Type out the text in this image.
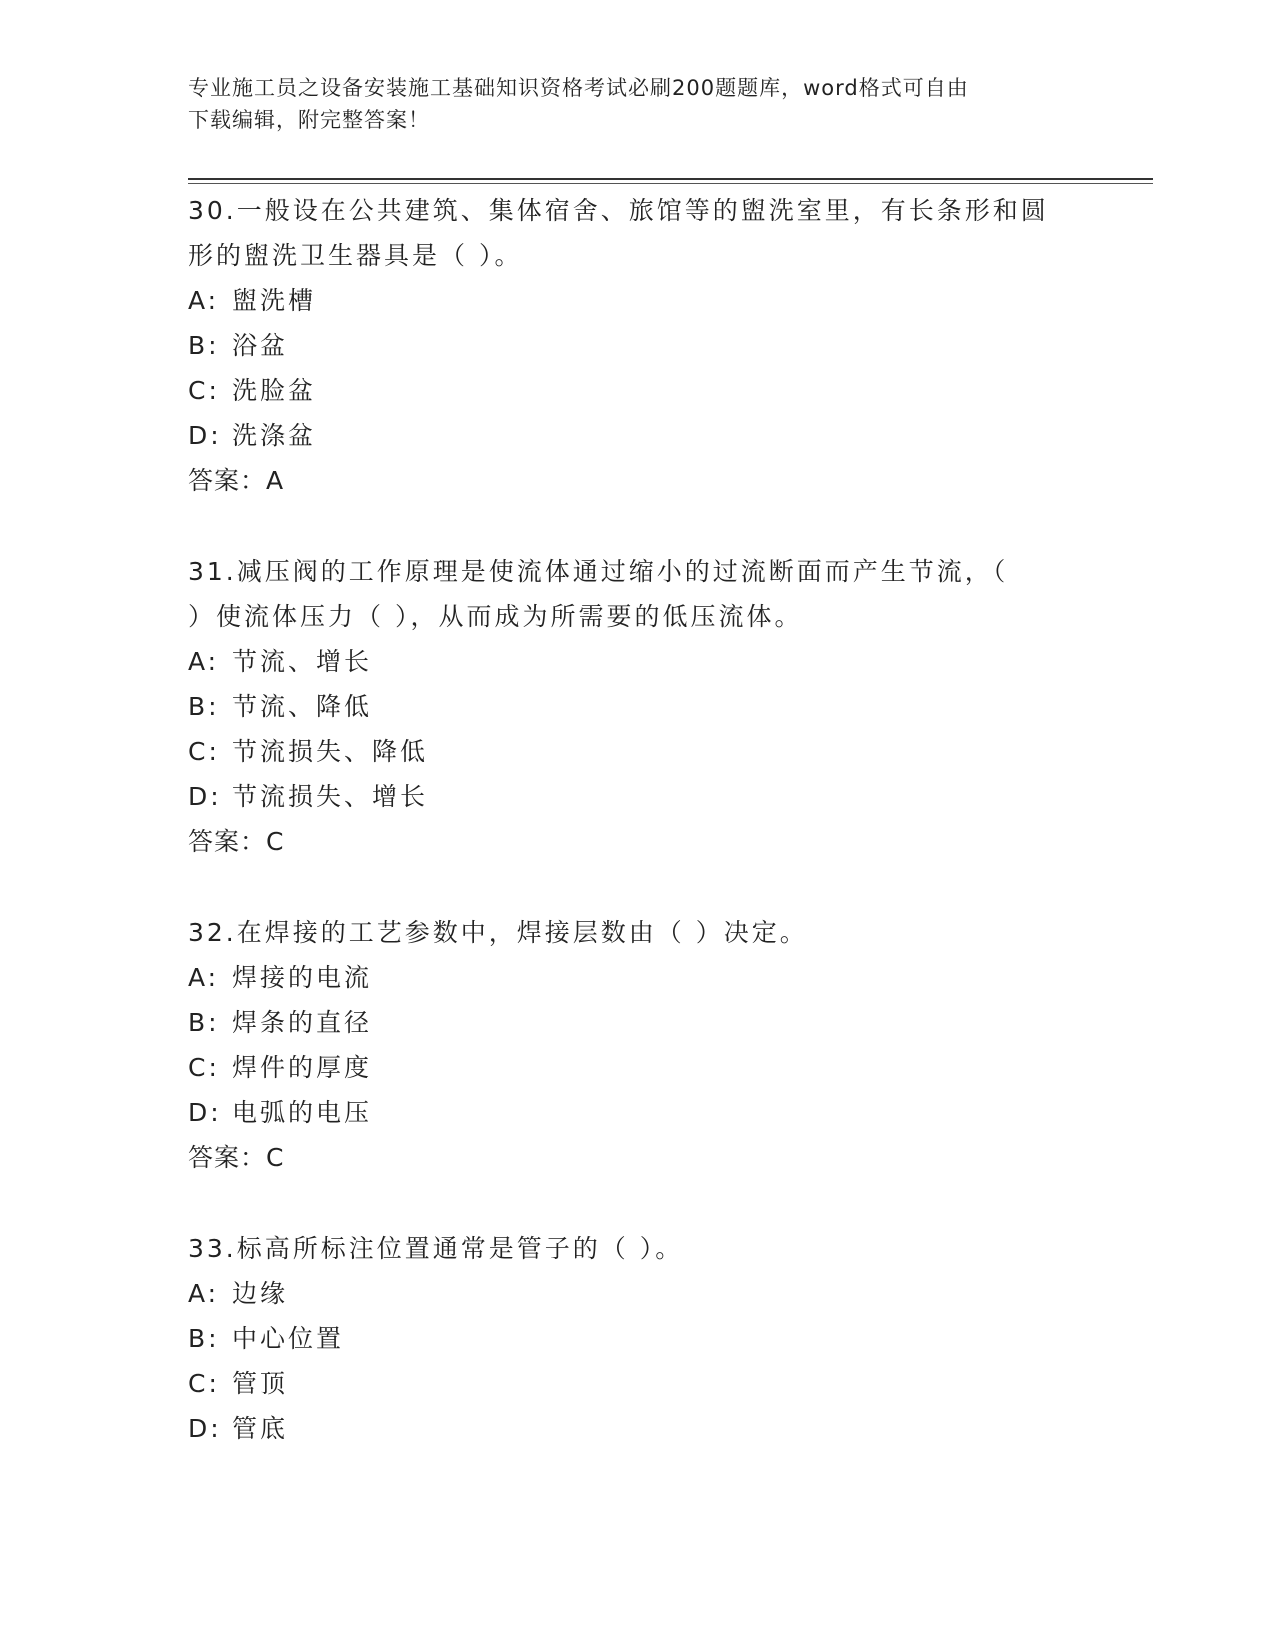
专业施工员之设备安装施工基础知识资格考试必刷200题题库，word格式可自由
下载编辑，附完整答案！
30.一般设在公共建筑、集体宿舍、旅馆等的盥洗室里，有长条形和圆
形的盥洗卫生器具是（ ）。
A: 盥洗槽
B: 浴盆
C: 洗脸盆
D: 洗涤盆
答案：A
31.减压阀的工作原理是使流体通过缩小的过流断面而产生节流，（
）使流体压力（ ），从而成为所需要的低压流体。
A: 节流、增长
B: 节流、降低
C: 节流损失、降低
D: 节流损失、增长
答案：C
32.在焊接的工艺参数中，焊接层数由（ ）决定。
A: 焊接的电流
B: 焊条的直径
C: 焊件的厚度
D: 电弧的电压
答案：C
33.标高所标注位置通常是管子的（ ）。
A: 边缘
B: 中心位置
C: 管顶
D: 管底
